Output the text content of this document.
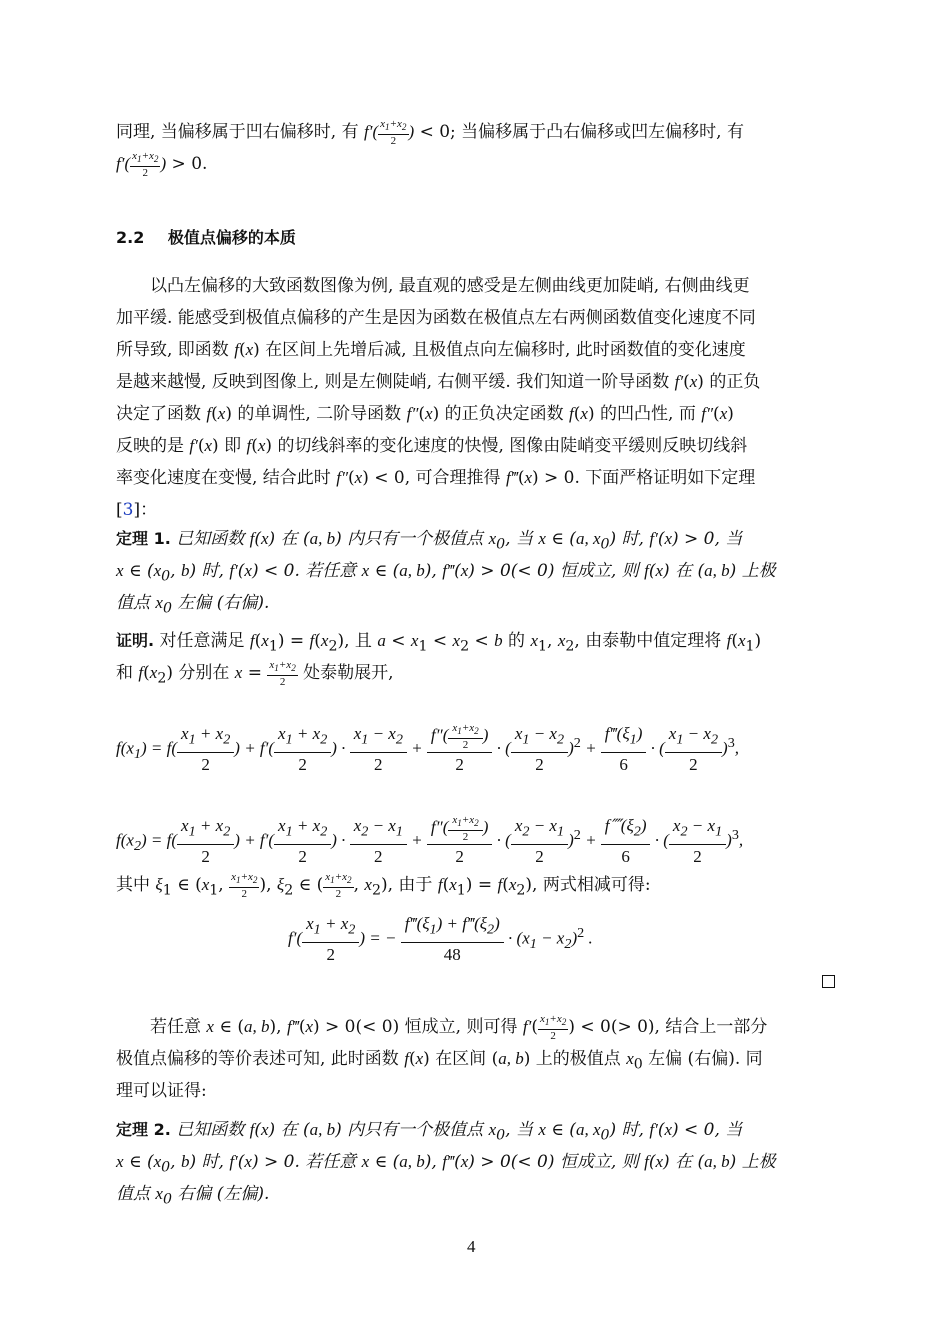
同理, 当偏移属于凹右偏移时, 有 $f'( \frac{x_1+x_2}{2}$ ) < 0; 当偏移属于凸右偏移或凹左偏移时, 有

$f'( \frac{x_1+x_2}{2}$ ) > 0.

2.2 极值点偏移的本质

以凸左偏移的大致函数图像为例, 最直观的感受是左侧曲线更加陡峭, 右侧曲线更

加平缓. 能感受到极值点偏移的产生是因为函数在极值点左右两侧函数值变化速度不同

所导致, 即函数 f(x) 在区间上先增后减, 且极值点向左偏移时, 此时函数值的变化速度

是越来越慢, 反映到图像上, 则是左侧陡峭, 右侧平缓. 我们知道一阶导函数 f′(x) 的正负

决定了函数 f(x) 的单调性, 二阶导函数 f″(x) 的正负决定函数 f(x) 的凹凸性, 而 f″(x)

反映的是 f′(x) 即 f(x) 的切线斜率的变化速度的快慢, 图像由陡峭变平缓则反映切线斜

率变化速度在变慢, 结合此时 f″(x) < 0, 可合理推得 f‴(x) > 0. 下面严格证明如下定理

[3]：

定理 1. 已知函数 f(x) 在 (a, b) 内只有一个极值点 $x_0$, 当 x ∈ (a, $x_0$) 时, f′(x) > 0, 当

x ∈ ($x_0$, b) 时, f′(x) < 0. 若任意 x ∈ (a, b), f‴(x) > 0(< 0) 恒成立, 则 f(x) 在 (a, b) 上极

值点 $x_0$ 左偏 (右偏).

证明. 对任意满足 $f(x_1) = f(x_2)$, 且 $a < x_1 < x_2 < b$ 的 $x_1$, $x_2$, 由泰勒中值定理将 $f(x_1)$

和 $f(x_2)$ 分别在 $x = \frac{x_1+x_2}{2}$ 处泰勒展开,

$f(x_1) = f( \frac{x_1 + x_2}{2}$ ) + $f'( \frac{x_1 + x_2}{2}$ ) · $\frac{x_1 - x_2}{2} + \frac{f''( \frac{x_1+x_2}{2} )}{2}$ · ( $\frac{x_1 - x_2}{2} )^2 + \frac{f‴(\xi_1)}{6}$ · ( $\frac{x_1 - x_2}{2} )^3$,
$f(x_2) = f( \frac{x_1 + x_2}{2}$ ) + $f'( \frac{x_1 + x_2}{2}$ ) · $\frac{x_2 - x_1}{2} + \frac{f''( \frac{x_1+x_2}{2} )}{2}$ · ( $\frac{x_2 - x_1}{2} )^2 + \frac{f⁗(\xi_2)}{6}$ · ( $\frac{x_2 - x_1}{2} )^3$,

其中 $\xi_1$ ∈ ($x_1$, $\frac{x_1+x_2}{2}$ ), $\xi_2$ ∈ ( $\frac{x_1+x_2}{2}$ , $x_2$), 由于 $f(x_1) = f(x_2)$, 两式相减可得:

$f'( \frac{x_1 + x_2}{2}$ ) = − $\frac{f‴(\xi_1) + f‴(\xi_2)}{48} \cdot (x_1 - x_2)^2$ .

若任意 x ∈ (a, b), f‴(x) > 0(< 0) 恒成立, 则可得 $f'( \frac{x_1+x_2}{2}$ ) < 0(> 0), 结合上一部分

极值点偏移的等价表述可知, 此时函数 f(x) 在区间 (a, b) 上的极值点 $x_0$ 左偏 (右偏). 同

理可以证得:

定理 2. 已知函数 f(x) 在 (a, b) 内只有一个极值点 $x_0$, 当 x ∈ (a, $x_0$) 时, f′(x) < 0, 当

x ∈ ($x_0$, b) 时, f′(x) > 0. 若任意 x ∈ (a, b), f‴(x) > 0(< 0) 恒成立, 则 f(x) 在 (a, b) 上极

值点 $x_0$ 右偏 (左偏).

4
